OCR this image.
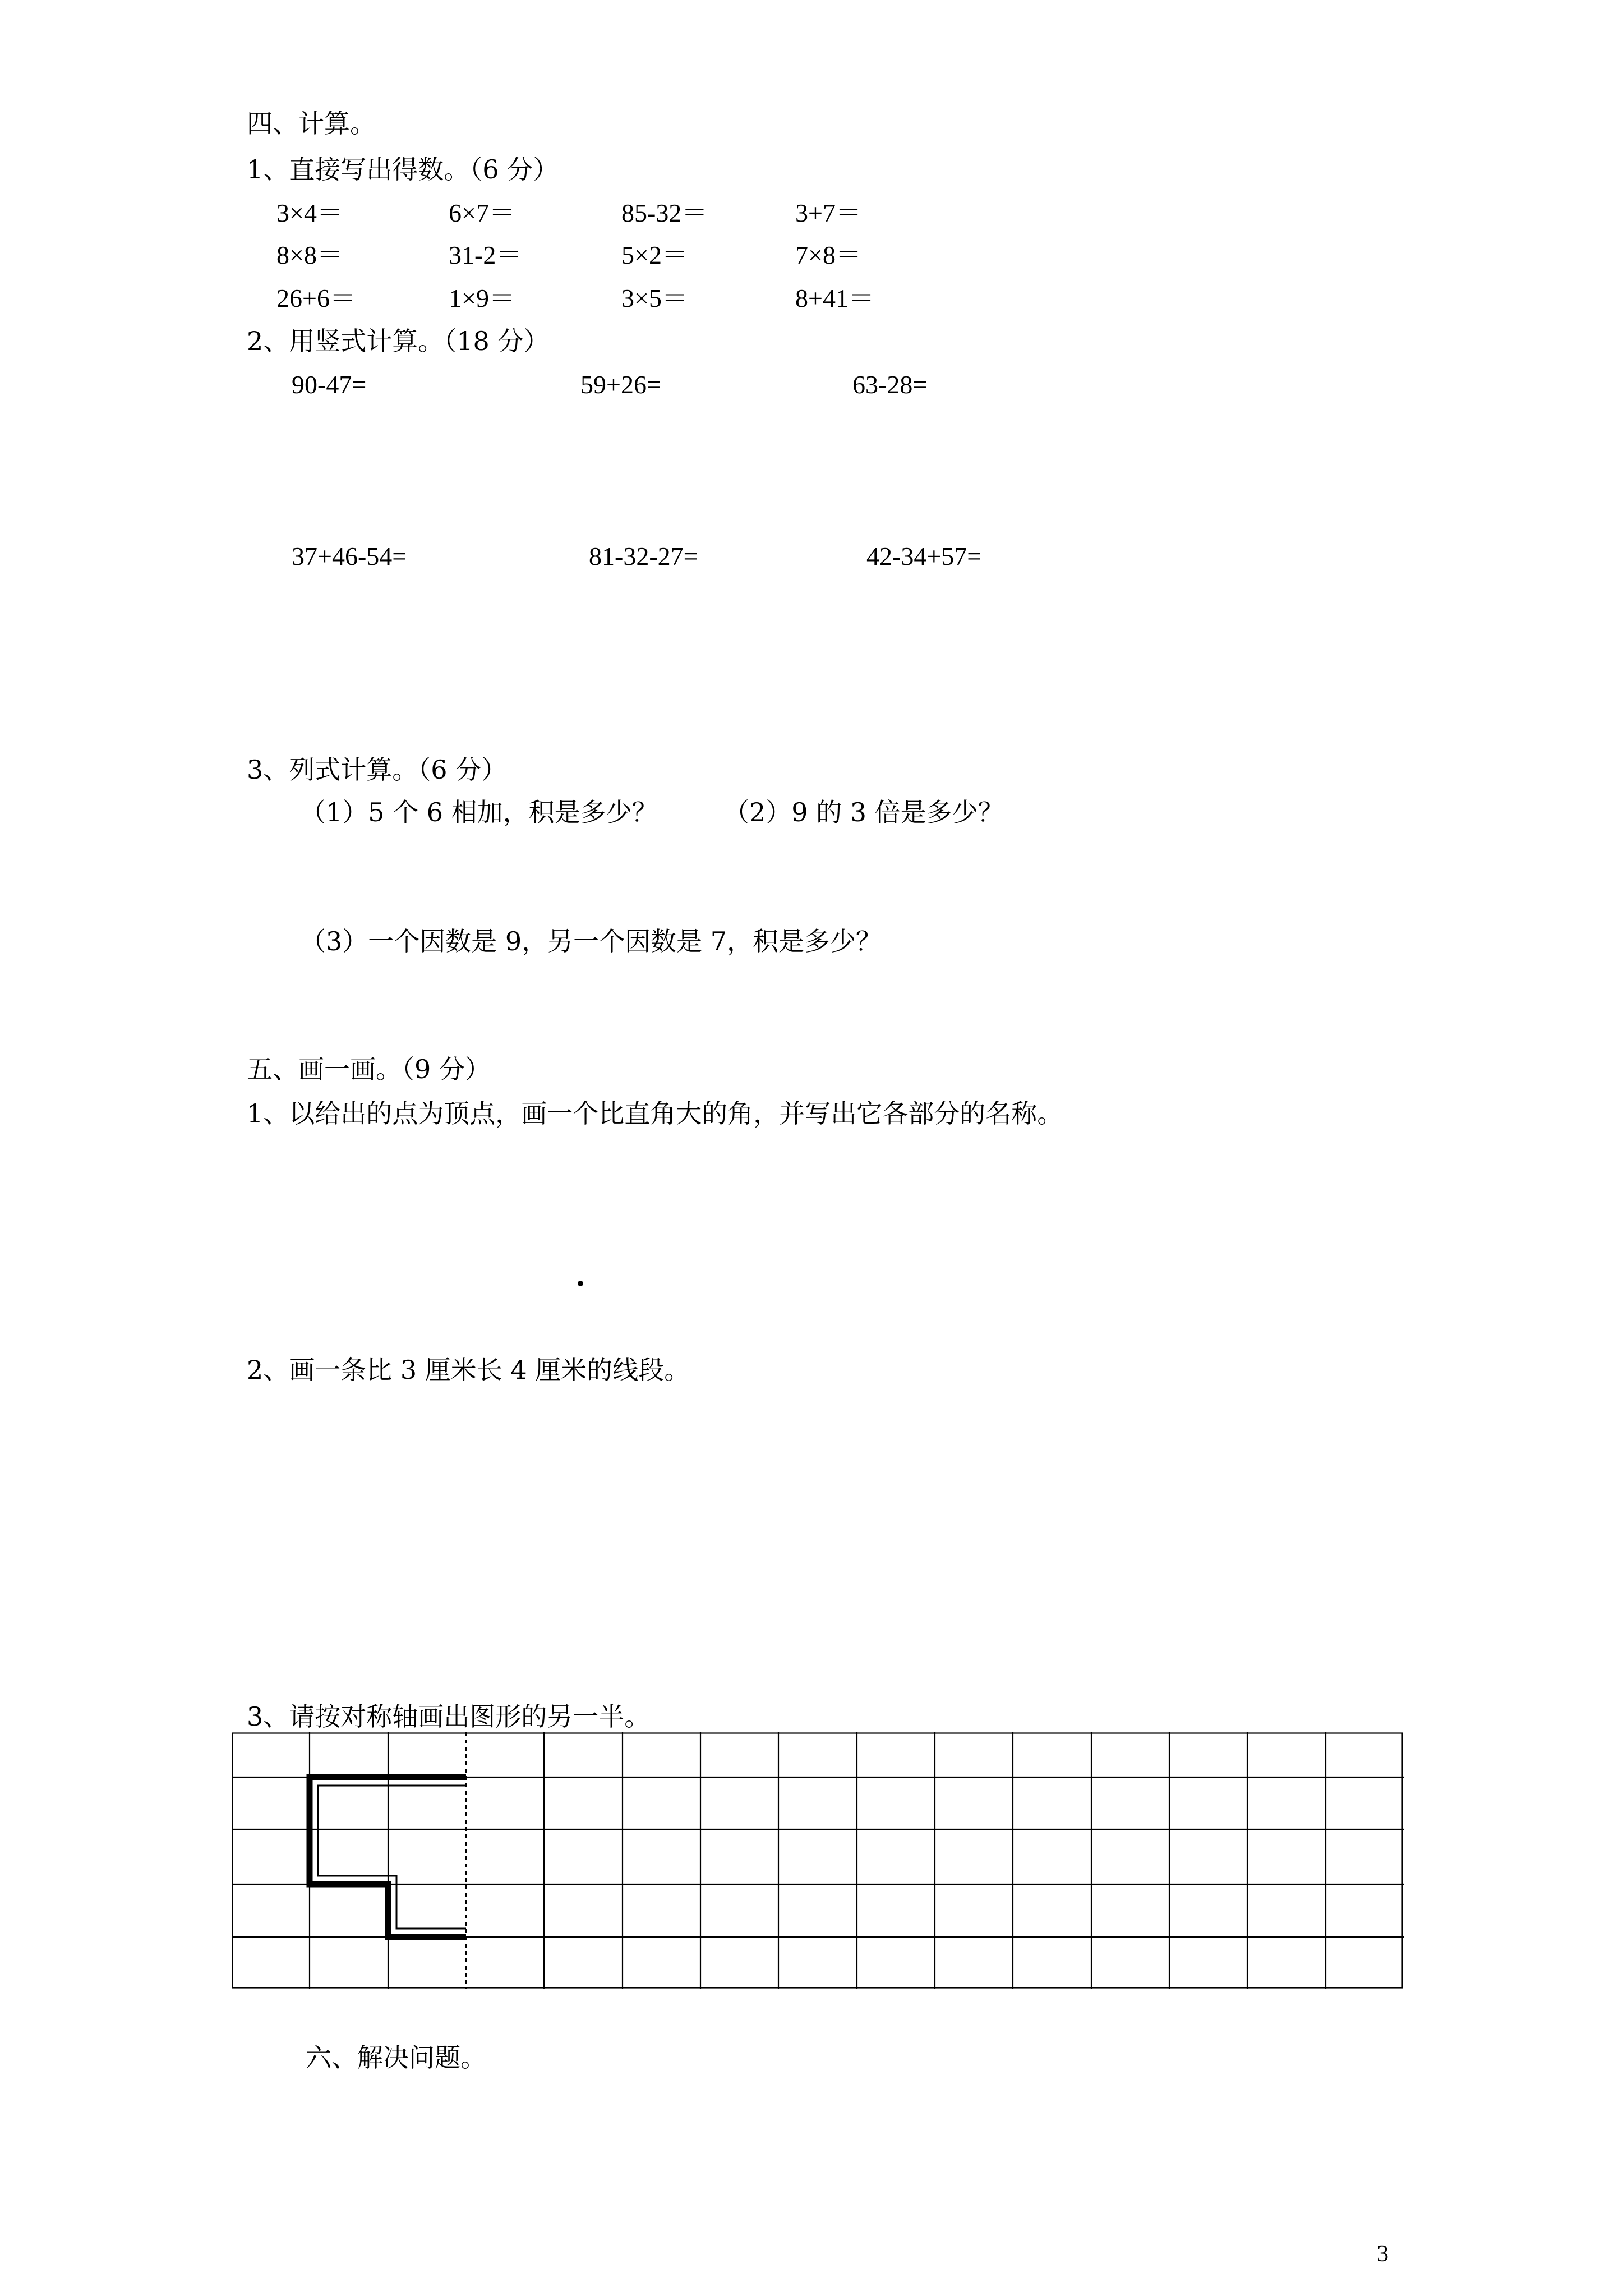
四、计算。
1、直接写出得数。（6 分）
3×4＝	6×7＝	85-32＝	3+7＝
8×8＝	31-2＝	5×2＝	7×8＝
26+6＝	1×9＝	3×5＝	8+41＝
2、用竖式计算。（18 分）
90-47=	59+26=	63-28=
37+46-54=	81-32-27=	42-34+57=
3、列式计算。（6 分）
（1）5 个 6 相加，积是多少？	（2）9 的 3 倍是多少？
（3）一个因数是 9，另一个因数是 7，积是多少？
五、画一画。（9 分）
1、以给出的点为顶点，画一个比直角大的角，并写出它各部分的名称。
2、画一条比 3 厘米长 4 厘米的线段。
3、请按对称轴画出图形的另一半。
六、解决问题。
3
